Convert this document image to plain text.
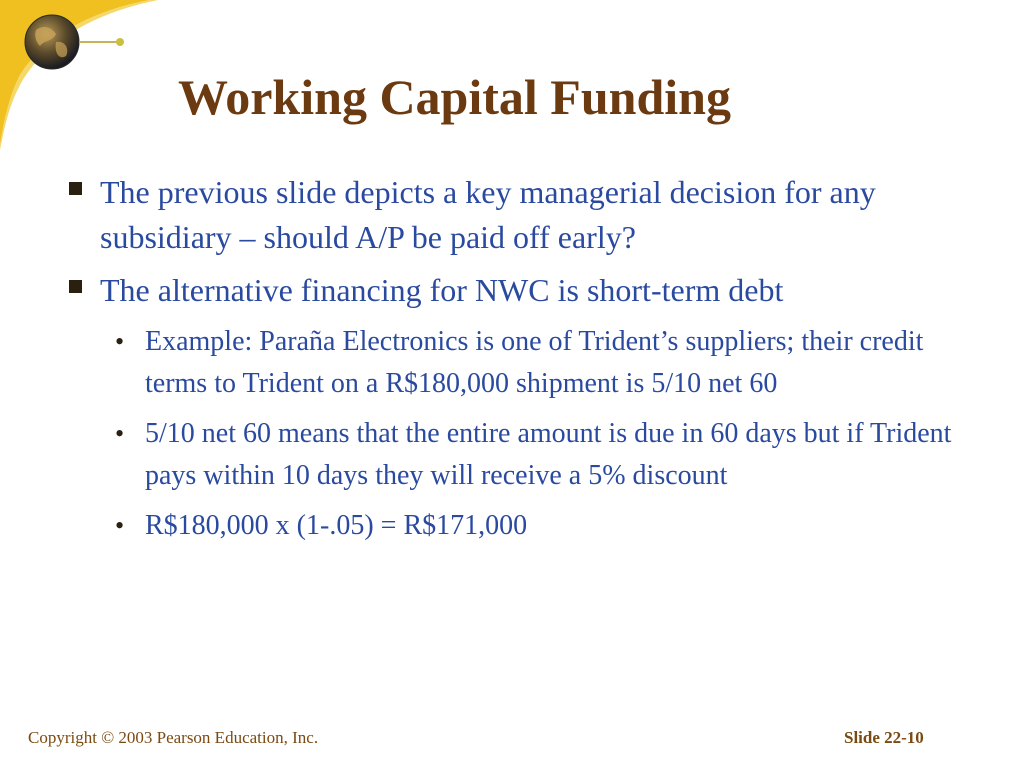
Working Capital Funding
The previous slide depicts a key managerial decision for any subsidiary – should A/P be paid off early?
The alternative financing for NWC is short-term debt
• Example: Paraña Electronics is one of Trident’s suppliers; their credit terms to Trident on a R$180,000 shipment is 5/10 net 60
• 5/10 net 60 means that the entire amount is due in 60 days but if Trident pays within 10 days they will receive a 5% discount
• R$180,000 x (1-.05) = R$171,000
Copyright © 2003 Pearson Education, Inc.	Slide 22-10
